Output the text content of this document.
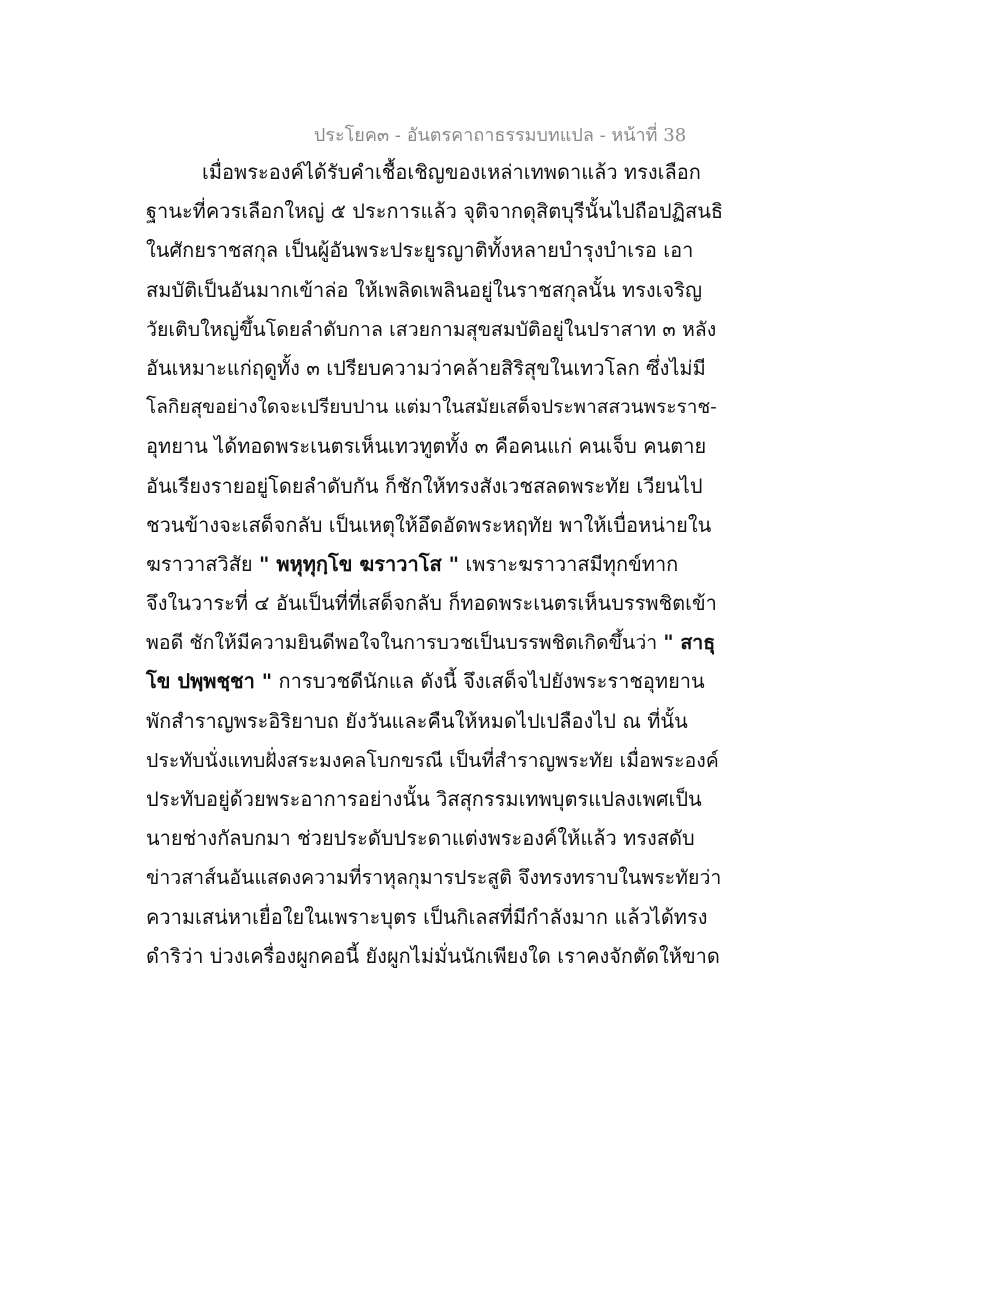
ประโยค๓ - อันตรคาถาธรรมบทแปล - หน้าที่ 38
เมื่อพระองค์ได้รับคำเชื้อเชิญของเหล่าเทพดาแล้ว ทรงเลือก
ฐานะที่ควรเลือกใหญ่ ๕ ประการแล้ว จุติจากดุสิตบุรีนั้นไปถือปฏิสนธิ
ในศักยราชสกุล เป็นผู้อันพระประยูรญาติทั้งหลายบำรุงบำเรอ เอา
สมบัติเป็นอันมากเข้าล่อ ให้เพลิดเพลินอยู่ในราชสกุลนั้น ทรงเจริญ
วัยเติบใหญ่ขึ้นโดยลำดับกาล เสวยกามสุขสมบัติอยู่ในปราสาท ๓ หลัง
อันเหมาะแก่ฤดูทั้ง ๓ เปรียบความว่าคล้ายสิริสุขในเทวโลก ซึ่งไม่มี
โลกิยสุขอย่างใดจะเปรียบปาน แต่มาในสมัยเสด็จประพาสสวนพระราช-
อุทยาน ได้ทอดพระเนตรเห็นเทวทูตทั้ง ๓ คือคนแก่ คนเจ็บ คนตาย
อันเรียงรายอยู่โดยลำดับกัน ก็ชักให้ทรงสังเวชสลดพระทัย เวียนไป
ชวนข้างจะเสด็จกลับ เป็นเหตุให้อึดอัดพระหฤทัย พาให้เบื่อหน่ายใน
ฆราวาสวิสัย " พหุทุกฺโข ฆราวาโส " เพราะฆราวาสมีทุกข์ทาก
จึงในวาระที่ ๔ อันเป็นที่ที่เสด็จกลับ ก็ทอดพระเนตรเห็นบรรพชิตเข้า
พอดี ชักให้มีความยินดีพอใจในการบวชเป็นบรรพชิตเกิดขึ้นว่า " สาธุ
โข ปพฺพชฺชา " การบวชดีนักแล ดังนี้ จึงเสด็จไปยังพระราชอุทยาน
พักสำราญพระอิริยาบถ ยังวันและคืนให้หมดไปเปลืองไป ณ ที่นั้น
ประทับนั่งแทบฝั่งสระมงคลโบกขรณี เป็นที่สำราญพระทัย เมื่อพระองค์
ประทับอยู่ด้วยพระอาการอย่างนั้น วิสสุกรรมเทพบุตรแปลงเพศเป็น
นายช่างกัลบกมา ช่วยประดับประดาแต่งพระองค์ให้แล้ว ทรงสดับ
ข่าวสาส์นอันแสดงความที่ราหุลกุมารประสูติ จึงทรงทราบในพระทัยว่า
ความเสน่หาเยื่อใยในเพราะบุตร เป็นกิเลสที่มีกำลังมาก แล้วได้ทรง
ดำริว่า บ่วงเครื่องผูกคอนี้ ยังผูกไม่มั่นนักเพียงใด เราคงจักตัดให้ขาด
